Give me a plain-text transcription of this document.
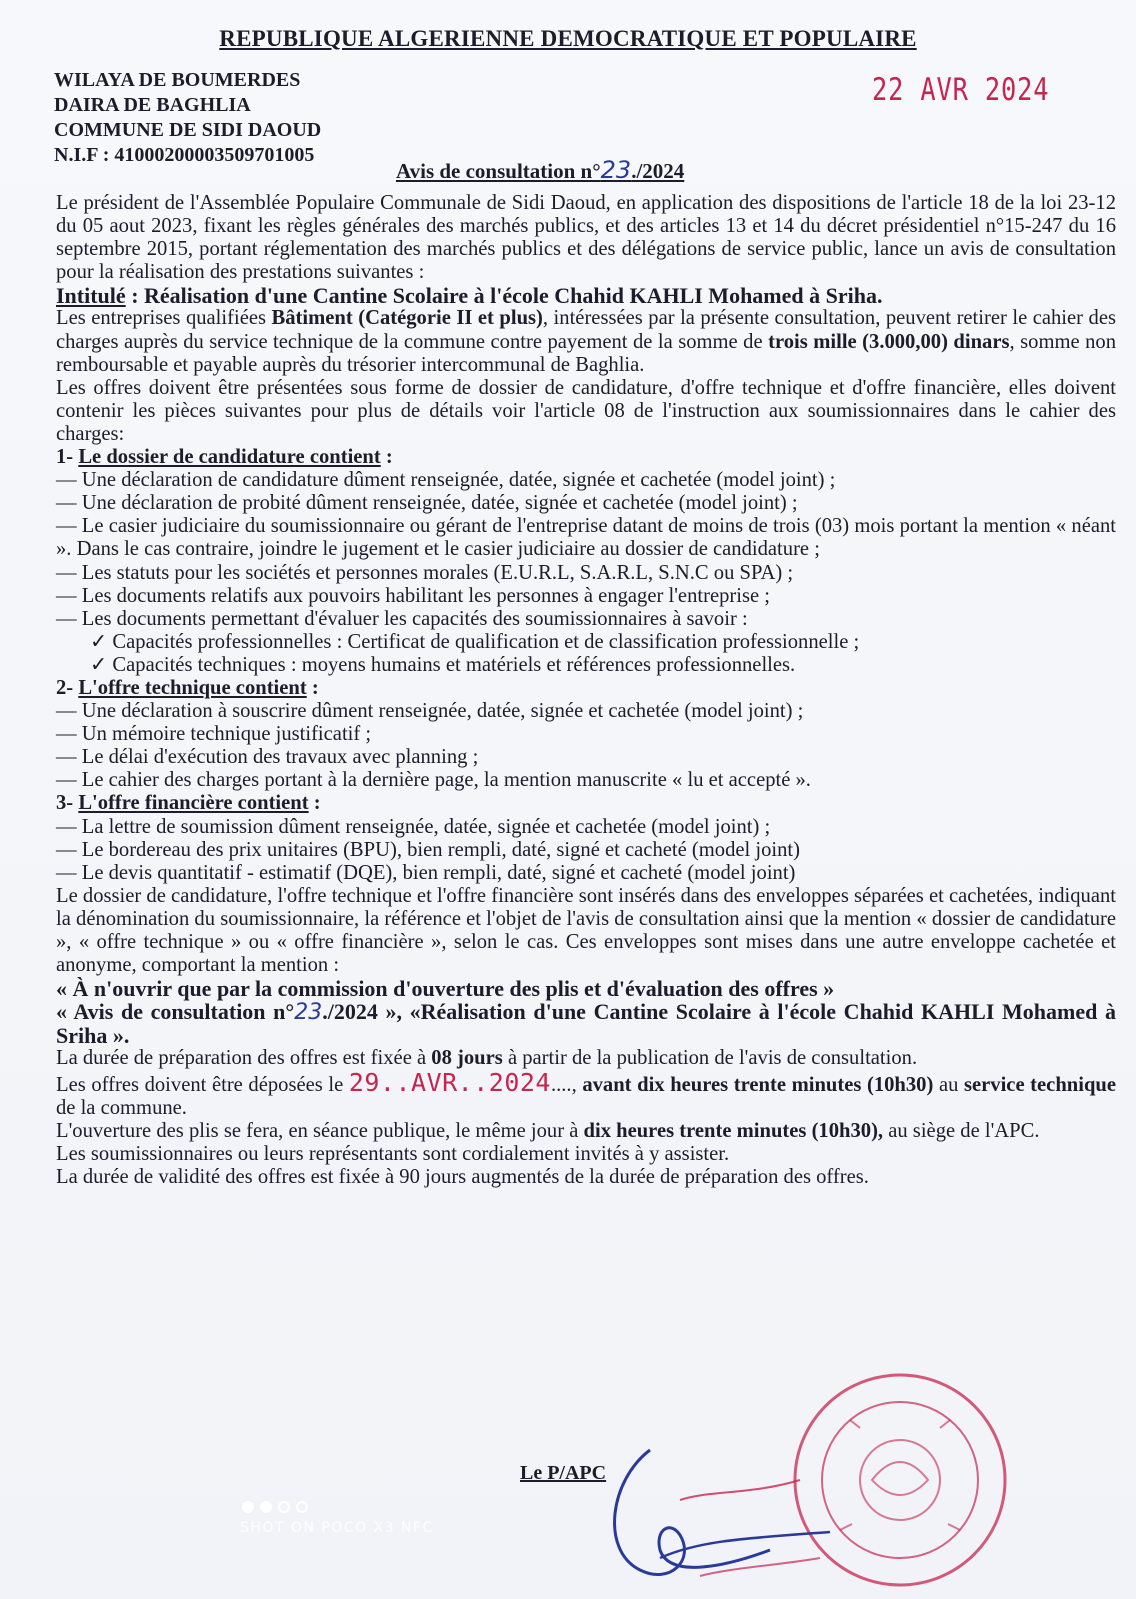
REPUBLIQUE ALGERIENNE DEMOCRATIQUE ET POPULAIRE
WILAYA DE BOUMERDES
DAIRA DE BAGHLIA
COMMUNE DE SIDI DAOUD
N.I.F : 41000200003509701005
22 AVR 2024
Avis de consultation n°23./2024

Le président de l'Assemblée Populaire Communale de Sidi Daoud, en application des dispositions de l'article 18 de la loi 23-12 du 05 aout 2023, fixant les règles générales des marchés publics, et des articles 13 et 14 du décret présidentiel n°15-247 du 16 septembre 2015, portant réglementation des marchés publics et des délégations de service public, lance un avis de consultation pour la réalisation des prestations suivantes :

Intitulé : Réalisation d'une Cantine Scolaire à l'école Chahid KAHLI Mohamed à Sriha.

Les entreprises qualifiées Bâtiment (Catégorie II et plus), intéressées par la présente consultation, peuvent retirer le cahier des charges auprès du service technique de la commune contre payement de la somme de trois mille (3.000,00) dinars, somme non remboursable et payable auprès du trésorier intercommunal de Baghlia.

Les offres doivent être présentées sous forme de dossier de candidature, d'offre technique et d'offre financière, elles doivent contenir les pièces suivantes pour plus de détails voir l'article 08 de l'instruction aux soumissionnaires dans le cahier des charges:

1- Le dossier de candidature contient :

— Une déclaration de candidature dûment renseignée, datée, signée et cachetée (model joint) ;

— Une déclaration de probité dûment renseignée, datée, signée et cachetée (model joint) ;

— Le casier judiciaire du soumissionnaire ou gérant de l'entreprise datant de moins de trois (03) mois portant la mention « néant ». Dans le cas contraire, joindre le jugement et le casier judiciaire au dossier de candidature ;

— Les statuts pour les sociétés et personnes morales (E.U.R.L, S.A.R.L, S.N.C ou SPA) ;

— Les documents relatifs aux pouvoirs habilitant les personnes à engager l'entreprise ;

— Les documents permettant d'évaluer les capacités des soumissionnaires à savoir :

✓ Capacités professionnelles : Certificat de qualification et de classification professionnelle ;

✓ Capacités techniques : moyens humains et matériels et références professionnelles.

2- L'offre technique contient :

— Une déclaration à souscrire dûment renseignée, datée, signée et cachetée (model joint) ;

— Un mémoire technique justificatif ;

— Le délai d'exécution des travaux avec planning ;

— Le cahier des charges portant à la dernière page, la mention manuscrite « lu et accepté ».

3- L'offre financière contient :

— La lettre de soumission dûment renseignée, datée, signée et cachetée (model joint) ;

— Le bordereau des prix unitaires (BPU), bien rempli, daté, signé et cacheté (model joint)

— Le devis quantitatif - estimatif (DQE), bien rempli, daté, signé et cacheté (model joint)

Le dossier de candidature, l'offre technique et l'offre financière sont insérés dans des enveloppes séparées et cachetées, indiquant la dénomination du soumissionnaire, la référence et l'objet de l'avis de consultation ainsi que la mention « dossier de candidature », « offre technique » ou « offre financière », selon le cas. Ces enveloppes sont mises dans une autre enveloppe cachetée et anonyme, comportant la mention :

« À n'ouvrir que par la commission d'ouverture des plis et d'évaluation des offres »

« Avis de consultation n°23./2024 », «Réalisation d'une Cantine Scolaire à l'école Chahid KAHLI Mohamed à Sriha ».

La durée de préparation des offres est fixée à 08 jours à partir de la publication de l'avis de consultation.

Les offres doivent être déposées le 29..AVR..2024...., avant dix heures trente minutes (10h30) au service technique de la commune.

L'ouverture des plis se fera, en séance publique, le même jour à dix heures trente minutes (10h30), au siège de l'APC.

Les soumissionnaires ou leurs représentants sont cordialement invités à y assister.

La durée de validité des offres est fixée à 90 jours augmentés de la durée de préparation des offres.

Le P/APC
SHOT ON POCO X3 NFC
